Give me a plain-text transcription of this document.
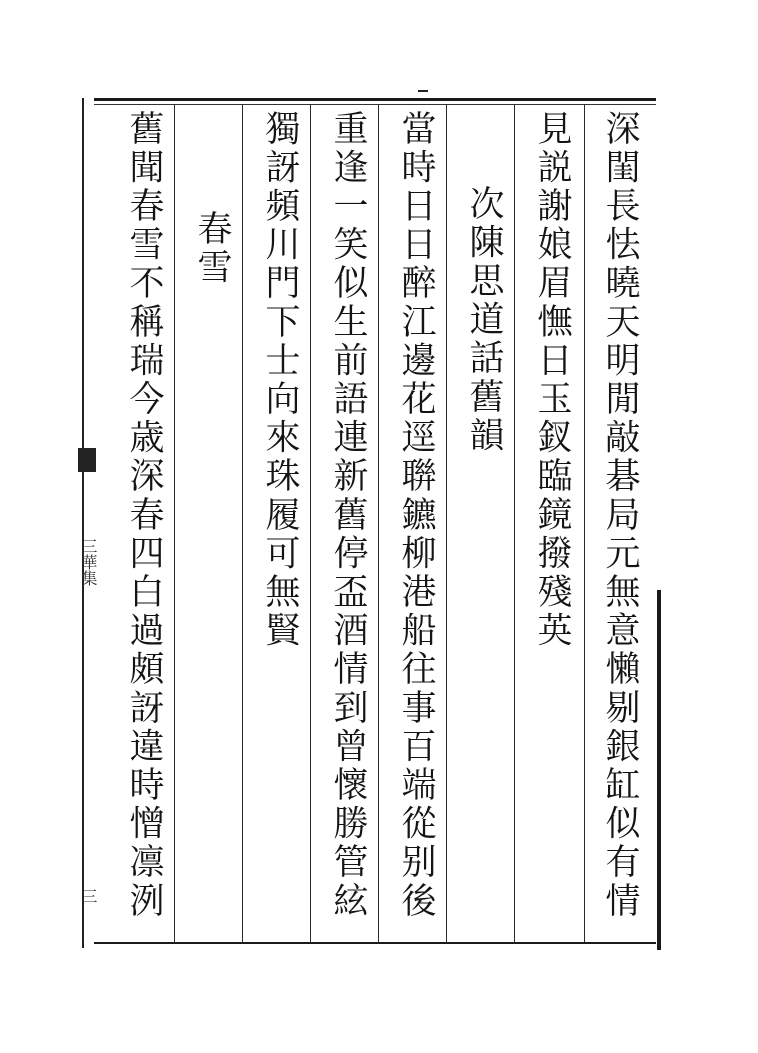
深閨長怯曉天明閒敲碁局元無意懶剔銀缸似有情
見説謝娘眉憮日玉釵臨鏡撥殘英
次陳思道話舊韻
當時日日醉江邊花逕聨鑣柳港船往事百端從别後
重逢一笑似生前語連新舊停盃酒情到曾懷勝管絃
獨訝頻川門下士向來珠履可無賢
春雪
舊聞春雪不稱瑞今歳深春四白過頗訝違時憎凛洌
三華集
三
